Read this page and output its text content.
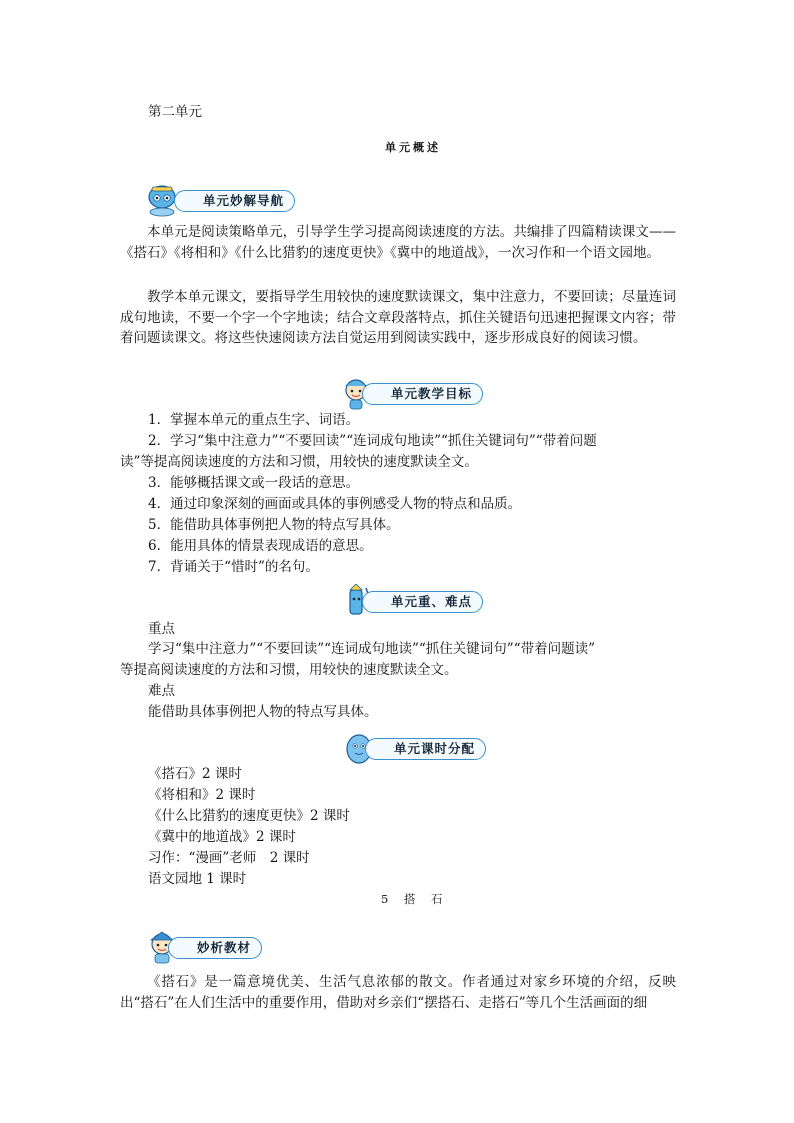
第二单元
单元概述
单元妙解导航
本单元是阅读策略单元，引导学生学习提高阅读速度的方法。共编排了四篇精读课文——《搭石》《将相和》《什么比猎豹的速度更快》《冀中的地道战》，一次习作和一个语文园地。
教学本单元课文，要指导学生用较快的速度默读课文，集中注意力，不要回读；尽量连词成句地读，不要一个字一个字地读；结合文章段落特点，抓住关键语句迅速把握课文内容；带着问题读课文。将这些快速阅读方法自觉运用到阅读实践中，逐步形成良好的阅读习惯。
单元教学目标
1．掌握本单元的重点生字、词语。
2．学习“集中注意力”“不要回读”“连词成句地读”“抓住关键词句”“带着问题
读”等提高阅读速度的方法和习惯，用较快的速度默读全文。
3．能够概括课文或一段话的意思。
4．通过印象深刻的画面或具体的事例感受人物的特点和品质。
5．能借助具体事例把人物的特点写具体。
6．能用具体的情景表现成语的意思。
7．背诵关于“惜时”的名句。
单元重、难点
重点
学习“集中注意力”“不要回读”“连词成句地读”“抓住关键词句”“带着问题读”
等提高阅读速度的方法和习惯，用较快的速度默读全文。
难点
能借助具体事例把人物的特点写具体。
单元课时分配
《搭石》2 课时
《将相和》2 课时
《什么比猎豹的速度更快》2 课时
《冀中的地道战》2 课时
习作：“漫画”老师　2 课时
语文园地 1 课时
5　搭　石
妙析教材
《搭石》是一篇意境优美、生活气息浓郁的散文。作者通过对家乡环境的介绍，反映出“搭石”在人们生活中的重要作用，借助对乡亲们“摆搭石、走搭石”等几个生活画面的细
